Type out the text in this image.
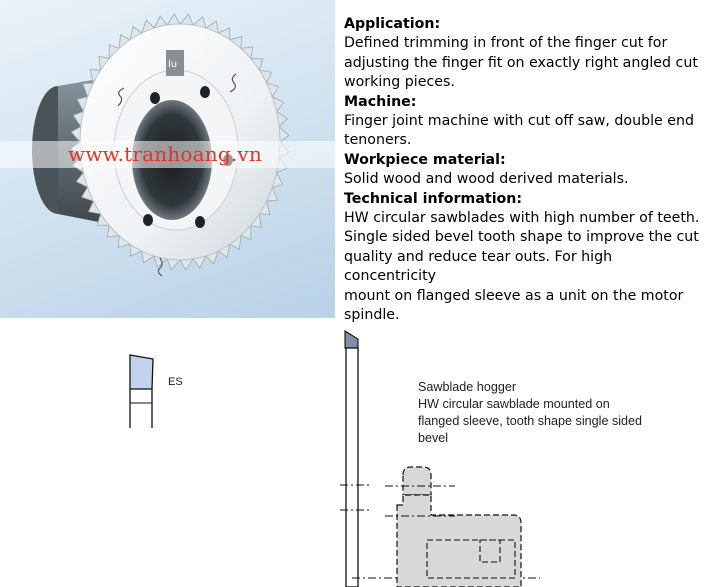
lu
www.tranhoang.vn
Application:
Defined trimming in front of the finger cut for
adjusting the finger fit on exactly right angled cut
working pieces.
Machine:
Finger joint machine with cut off saw, double end
tenoners.
Workpiece material:
Solid wood and wood derived materials.
Technical information:
HW circular sawblades with high number of teeth.
Single sided bevel tooth shape to improve the cut
quality and reduce tear outs. For high concentricity
mount on flanged sleeve as a unit on the motor
spindle.
ES	Sawblade hogger
HW circular sawblade mounted on
flanged sleeve, tooth shape single sided
bevel
